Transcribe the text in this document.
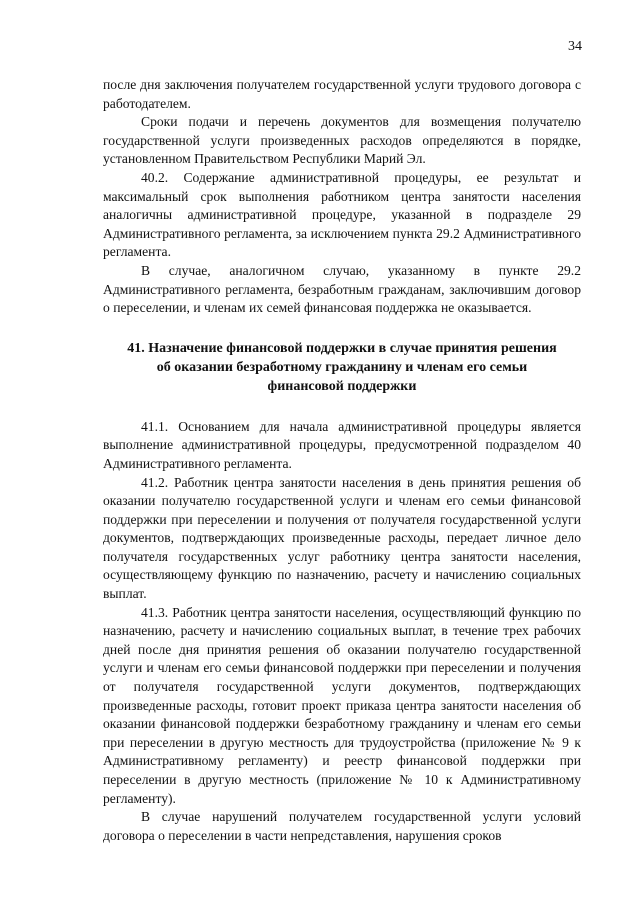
34

после дня заключения получателем государственной услуги трудового договора с работодателем.

Сроки подачи и перечень документов для возмещения получателю государственной услуги произведенных расходов определяются в порядке, установленном Правительством Республики Марий Эл.

40.2. Содержание административной процедуры, ее результат и максимальный срок выполнения работником центра занятости населения аналогичны административной процедуре, указанной в подразделе 29 Административного регламента, за исключением пункта 29.2 Административного регламента.

В случае, аналогичном случаю, указанному в пункте 29.2 Административного регламента, безработным гражданам, заключившим договор о переселении, и членам их семей финансовая поддержка не оказывается.

41. Назначение финансовой поддержки в случае принятия решения об оказании безработному гражданину и членам его семьи финансовой поддержки

41.1. Основанием для начала административной процедуры является выполнение административной процедуры, предусмотренной подразделом 40 Административного регламента.

41.2. Работник центра занятости населения в день принятия решения об оказании получателю государственной услуги и членам его семьи финансовой поддержки при переселении и получения от получателя государственной услуги документов, подтверждающих произведенные расходы, передает личное дело получателя государственных услуг работнику центра занятости населения, осуществляющему функцию по назначению, расчету и начислению социальных выплат.

41.3. Работник центра занятости населения, осуществляющий функцию по назначению, расчету и начислению социальных выплат, в течение трех рабочих дней после дня принятия решения об оказании получателю государственной услуги и членам его семьи финансовой поддержки при переселении и получения от получателя государственной услуги документов, подтверждающих произведенные расходы, готовит проект приказа центра занятости населения об оказании финансовой поддержки безработному гражданину и членам его семьи при переселении в другую местность для трудоустройства (приложение № 9 к Административному регламенту) и реестр финансовой поддержки при переселении в другую местность (приложение № 10 к Административному регламенту).

В случае нарушений получателем государственной услуги условий договора о переселении в части непредставления, нарушения сроков
